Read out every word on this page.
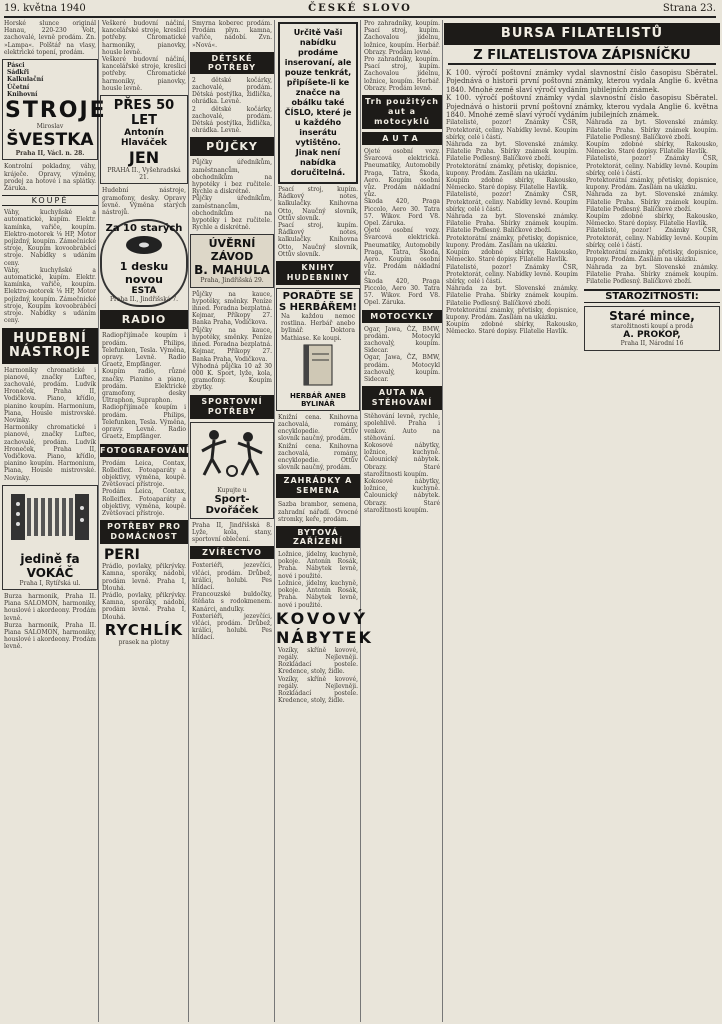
19. května 1940	ČESKÉ SLOVO	Strana 23.
Horské slunce originál Hanau, 220-230 Volt, zachovalé, levně prodám. Zn. »Lampa«. Polštář na vlasy, elektrické topení, prodám.
Pásci
Sádkři
Kalkulační
Účetní
Knihovní
STROJE
Miroslav
ŠVESTKA
Praha II, Václ. n. 28.
Kontrolní pokladny, váhy, kráječe. Opravy, výměny, prodej za hotové i na splátky. Záruka.
KOUPĚ
Váhy, kuchyňské a automatické, kupím. Elektr. kamínka, vařiče, koupím. Elektro-motorek ⅛ HP, Motor pojízdný, koupím. Zámečnické stroje, Koupím kovoobráběcí stroje. Nabídky s udáním ceny.
Váhy, kuchyňské a automatické, kupím. Elektr. kamínka, vařiče, koupím. Elektro-motorek ⅛ HP, Motor pojízdný, koupím. Zámečnické stroje, Koupím kovoobráběcí stroje. Nabídky s udáním ceny.
HUDEBNÍ NÁSTROJE
Harmoniky chromatické i pianové, značky Luftec, zachovalé, prodám. Ludvík Hroneček, Praha II, Vodičkova. Piano, křídlo, pianino koupím. Harmonium, Piana, Housle mistrovské. Novinky.
Harmoniky chromatické i pianové, značky Luftec, zachovalé, prodám. Ludvík Hroneček, Praha II, Vodičkova. Piano, křídlo, pianino koupím. Harmonium, Piana, Housle mistrovské. Novinky.
jedině fa VOKÁČ
Praha I, Rytířská ul.
Burza harmonik, Praha II. Piana SALOMON, harmoniky, houslové i akordeony. Prodám levně.
Burza harmonik, Praha II. Piana SALOMON, harmoniky, houslové i akordeony. Prodám levně.
Veškeré budovní náčiní, kancelářské stroje, kreslicí potřeby. Chromatické harmoniky, pianovky, housle levně.
Veškeré budovní náčiní, kancelářské stroje, kreslicí potřeby. Chromatické harmoniky, pianovky, housle levně.
PŘES 50 LET
Antonín Hlaváček
JEN
PRAHA II., Vyšehradská 21.
Hudební nástroje, gramofony, desky. Opravy levně. Výměna starých nástrojů.
Za 10 starých
1 desku novou
ESTA
Praha II., Jindřišská 7.
RADIO
Radiopřijímače koupím i prodám. Philips, Telefunken, Tesla. Výměna, opravy. Levně. Radio Graetz, Empfänger.
Koupím radio, různé značky. Pianino a piano, prodám. Elektrické gramofony, desky Ultraphon, Supraphon.
Radiopřijímače koupím i prodám. Philips, Telefunken, Tesla. Výměna, opravy. Levně. Radio Graetz, Empfänger.
FOTOGRAFOVÁNÍ
Prodám Leica, Contax, Rolleiflex. Fotoaparáty a objektivy, výměna, koupě. Zvětšovací přístroje.
Prodám Leica, Contax, Rolleiflex. Fotoaparáty a objektivy, výměna, koupě. Zvětšovací přístroje.
POTŘEBY PRO DOMÁCNOST
PERI
Prádlo, povlaky, přikrývky. Kamna, sporáky, nádobí, prodám levně. Praha I, Dlouhá.
Prádlo, povlaky, přikrývky. Kamna, sporáky, nádobí, prodám levně. Praha I, Dlouhá.
RYCHLÍK
prasek na plotny
Smyrna koberec prodám. Prodám plyn. kamna, vařiče, nádobí. Zvn. »Nová«.
DĚTSKÉ POTŘEBY
2 dětské kočárky, zachovalé, prodám. Dětská postýlka, židlička, ohrádka. Levně.
2 dětské kočárky, zachovalé, prodám. Dětská postýlka, židlička, ohrádka. Levně.
PŮJČKY
Půjčky úředníkům, zaměstnancům, obchodníkům na hypotéky i bez ručitele. Rychle a diskrétně.
Půjčky úředníkům, zaměstnancům, obchodníkům na hypotéky i bez ručitele. Rychle a diskrétně.
ÚVĚRNÍ ZÁVOD
B. MAHULA
Praha, Jindřišská 29.
Půjčky na kauce, hypotéky, směnky. Peníze ihned. Poradna bezplatná. Kejmar, Příkopy 27. Banka Praha, Vodičkova.
Půjčky na kauce, hypotéky, směnky. Peníze ihned. Poradna bezplatná. Kejmar, Příkopy 27. Banka Praha, Vodičkova.
Výhodná půjčka 10 až 30 000 K. Sport, lyže, kola, gramofony. Koupím zbytky.
SPORTOVNÍ POTŘEBY
Kupujte u
Sport-Dvořáček
Praha II, Jindřišská 8. Lyže, kola, stany, sportovní oblečení.
ZVÍŘECTVO
Foxteriéři, jezevčíci, vlčáci, prodám. Drůbež, králíci, holubi. Pes hlídací.
Francouzské buldočky, štěňata s rodokmenem. Kanárci, andulky.
Foxteriéři, jezevčíci, vlčáci, prodám. Drůbež, králíci, holubi. Pes hlídací.
Určitě Vaši nabídku prodáme inserovaní, ale pouze tenkrát, připíšete-li ke značce na obálku také ČÍSLO, které je u každého inserátu vytištěno. Jinak není nabídka doručitelná.
Psací stroj, kupím. Řádkový notes, kalkulačky. Knihovna Otto, Naučný slovník, Ottův slovník.
Psací stroj, kupím. Řádkový notes, kalkulačky. Knihovna Otto, Naučný slovník, Ottův slovník.
KNIHY HUDEBNINY
PORAĎTE SE
S HERBÁŘEM!
Na každou nemoc rostlina. Herbář anebo bylinář. Doktora Mathiase. Ke koupi.
HERBÁŘ ANEB BYLINÁŘ
Knižní cena. Knihovna zachovalá, romány, encyklopedie. Ottův slovník naučný, prodám.
Knižní cena. Knihovna zachovalá, romány, encyklopedie. Ottův slovník naučný, prodám.
ZAHRÁDKY A SEMENA
Sazba brambor, semena, zahradní nářadí. Ovocné stromky, keře, prodám.
BYTOVÁ ZAŘÍZENÍ
Ložnice, jídelny, kuchyně, pokoje. Antonín Rosák, Praha. Nábytek levně, nové i použité.
Ložnice, jídelny, kuchyně, pokoje. Antonín Rosák, Praha. Nábytek levně, nové i použité.
KOVOVÝ
NÁBYTEK
Vozíky, skříně kovové, regály. Nejlevněji. Rozkládací postele. Kredence, stoly, židle.
Vozíky, skříně kovové, regály. Nejlevněji. Rozkládací postele. Kredence, stoly, židle.
Pro zahradníky, koupím. Psací stroj, kupím. Zachovalou jídelnu, ložnice, koupím. Herbář. Obrazy. Prodám levně.
Pro zahradníky, koupím. Psací stroj, kupím. Zachovalou jídelnu, ložnice, koupím. Herbář. Obrazy. Prodám levně.
Trh použitých aut a motocyklů
AUTA
Ojeté osobní vozy. Švarcová elektrická. Pneumatiky, Automobily Praga, Tatra, Škoda, Aero. Koupím osobní vůz. Prodám nákladní vůz.
Škoda 420, Praga Piccolo, Aero 30. Tatra 57. Wikov. Ford V8. Opel. Záruka.
Ojeté osobní vozy. Švarcová elektrická. Pneumatiky, Automobily Praga, Tatra, Škoda, Aero. Koupím osobní vůz. Prodám nákladní vůz.
Škoda 420, Praga Piccolo, Aero 30. Tatra 57. Wikov. Ford V8. Opel. Záruka.
MOTOCYKLY
Ogar, Jawa, ČZ, BMW, prodám. Motocykl zachovalý, koupím. Sidecar.
Ogar, Jawa, ČZ, BMW, prodám. Motocykl zachovalý, koupím. Sidecar.
AUTA NA STĚHOVÁNÍ
Stěhování levně, rychle, spolehlivě. Praha i venkov. Auto na stěhování.
Kokosové nábytky, ložnice, kuchyně. Čalounický nábytek. Obrazy. Staré starožitnosti koupím.
Kokosové nábytky, ložnice, kuchyně. Čalounický nábytek. Obrazy. Staré starožitnosti koupím.
BURSA FILATELISTŮ
Z FILATELISTOVA ZÁPISNÍČKU
K 100. výročí poštovní známky vydal slavnostní číslo časopisu Sběratel. Pojednává o historii první poštovní známky, kterou vydala Anglie 6. května 1840. Mnohé země slaví výročí vydáním jubilejních známek.
K 100. výročí poštovní známky vydal slavnostní číslo časopisu Sběratel. Pojednává o historii první poštovní známky, kterou vydala Anglie 6. května 1840. Mnohé země slaví výročí vydáním jubilejních známek.
Filatelisté, pozor! Známky ČSR, Protektorát, celiny. Nabídky levně. Koupím sbírky, celé i části.
Náhrada za byt. Slovenské známky. Filatelie Praha. Sbírky známek koupím. Filatelie Podlesný. Balíčkové zboží.
Protektorátní známky, přetisky, dopisnice, kupony. Prodám. Zasílám na ukázku.
Koupím zdobné sbírky, Rakousko, Německo. Staré dopisy. Filatelie Havlík.
Filatelisté, pozor! Známky ČSR, Protektorát, celiny. Nabídky levně. Koupím sbírky, celé i části.
Náhrada za byt. Slovenské známky. Filatelie Praha. Sbírky známek koupím. Filatelie Podlesný. Balíčkové zboží.
Protektorátní známky, přetisky, dopisnice, kupony. Prodám. Zasílám na ukázku.
Koupím zdobné sbírky, Rakousko, Německo. Staré dopisy. Filatelie Havlík.
Filatelisté, pozor! Známky ČSR, Protektorát, celiny. Nabídky levně. Koupím sbírky, celé i části.
Náhrada za byt. Slovenské známky. Filatelie Praha. Sbírky známek koupím. Filatelie Podlesný. Balíčkové zboží.
Protektorátní známky, přetisky, dopisnice, kupony. Prodám. Zasílám na ukázku.
Koupím zdobné sbírky, Rakousko, Německo. Staré dopisy. Filatelie Havlík.
Náhrada za byt. Slovenské známky. Filatelie Praha. Sbírky známek koupím. Filatelie Podlesný. Balíčkové zboží.
Koupím zdobné sbírky, Rakousko, Německo. Staré dopisy. Filatelie Havlík.
Filatelisté, pozor! Známky ČSR, Protektorát, celiny. Nabídky levně. Koupím sbírky, celé i části.
Protektorátní známky, přetisky, dopisnice, kupony. Prodám. Zasílám na ukázku.
Náhrada za byt. Slovenské známky. Filatelie Praha. Sbírky známek koupím. Filatelie Podlesný. Balíčkové zboží.
Koupím zdobné sbírky, Rakousko, Německo. Staré dopisy. Filatelie Havlík.
Filatelisté, pozor! Známky ČSR, Protektorát, celiny. Nabídky levně. Koupím sbírky, celé i části.
Protektorátní známky, přetisky, dopisnice, kupony. Prodám. Zasílám na ukázku.
Náhrada za byt. Slovenské známky. Filatelie Praha. Sbírky známek koupím. Filatelie Podlesný. Balíčkové zboží.
STAROŽITNOSTI:
Staré mince,
starožitnosti koupí a prodá
A. PROKOP,
Praha II, Národní 16
